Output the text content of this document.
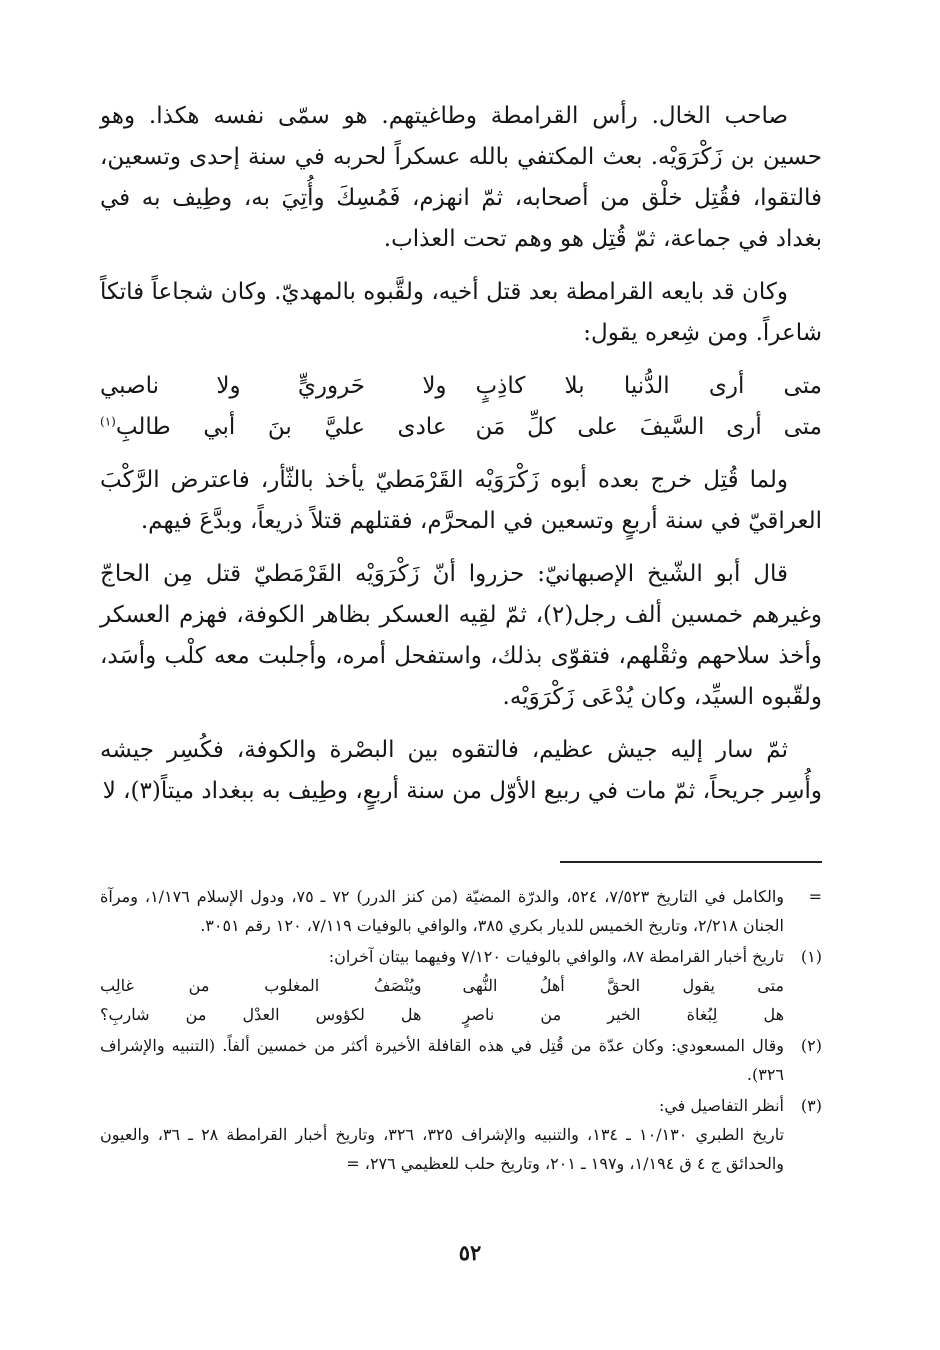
صاحب الخال. رأس القرامطة وطاغيتهم. هو سمّى نفسه هكذا. وهو حسين بن زَكْرَوَيْه. بعث المكتفي بالله عسكراً لحربه في سنة إحدى وتسعين، فالتقوا، فقُتِل خلْق من أصحابه، ثمّ انهزم، فَمُسِكَ وأُتِيَ به، وطِيف به في بغداد في جماعة، ثمّ قُتِل هو وهم تحت العذاب.

وكان قد بايعه القرامطة بعد قتل أخيه، ولقَّبوه بالمهديّ. وكان شجاعاً فاتكاً شاعراً. ومن شِعره يقول:

متى أرى الدُّنيا بلا كاذِبٍ
ولا حَروريٍّ ولا ناصبي
متى أرى السَّيفَ على كلِّ مَن
عادى عليَّ بنَ أبي طالبِ$^{(١)}$

ولما قُتِل خرج بعده أبوه زَكْرَوَيْه القَرْمَطيّ يأخذ بالثّأر، فاعترض الرَّكْبَ العراقيّ في سنة أربعٍ وتسعين في المحرَّم، فقتلهم قتلاً ذريعاً، وبدَّعَ فيهم.

قال أبو الشّيخ الإصبهانيّ: حزروا أنّ زَكْرَوَيْه القَرْمَطيّ قتل مِن الحاجّ وغيرهم خمسين ألف رجل(٢)، ثمّ لقِيه العسكر بظاهر الكوفة، فهزم العسكر وأخذ سلاحهم وثقْلهم، فتقوّى بذلك، واستفحل أمره، وأجلبت معه كلْب وأسَد، ولقّبوه السيِّد، وكان يُدْعَى زَكْرَوَيْه.

ثمّ سار إليه جيش عظيم، فالتقوه بين البصْرة والكوفة، فكُسِر جيشه وأُسِر جريحاً، ثمّ مات في ربيع الأوّل من سنة أربعٍ، وطِيف به ببغداد ميتاً(٣)، لا

=
والكامل في التاريخ ٧/٥٢٣، ٥٢٤، والدرّة المضيّة (من كنز الدرر) ٧٢ ـ ٧٥، ودول الإسلام ١/١٧٦، ومرآة الجنان ٢/٢١٨، وتاريخ الخميس للديار بكري ٣٨٥، والوافي بالوفيات ٧/١١٩، ١٢٠ رقم ٣٠٥١.
(١)
تاريخ أخبار القرامطة ٨٧، والوافي بالوفيات ٧/١٢٠ وفيهما بيتان آخران:
متى يقول الحقَّ أهلُ النُّهى
ويُنْصَفُ المغلوب من غالِب
هل لِبُغاة الخير من ناصرٍ
هل لكؤوس العدْل من شاربِ؟
(٢)
وقال المسعودي: وكان عدّة من قُتِل في هذه القافلة الأخيرة أكثر من خمسين ألفاً. (التنبيه والإشراف ٣٢٦).
(٣)
أنظر التفاصيل في:
تاريخ الطبري ١٠/١٣٠ ـ ١٣٤، والتنبيه والإشراف ٣٢٥، ٣٢٦، وتاريخ أخبار القرامطة ٢٨ ـ ٣٦، والعيون والحدائق ج ٤ ق ١/١٩٤، و١٩٧ ـ ٢٠١، وتاريخ حلب للعظيمي ٢٧٦، =
٥٢
